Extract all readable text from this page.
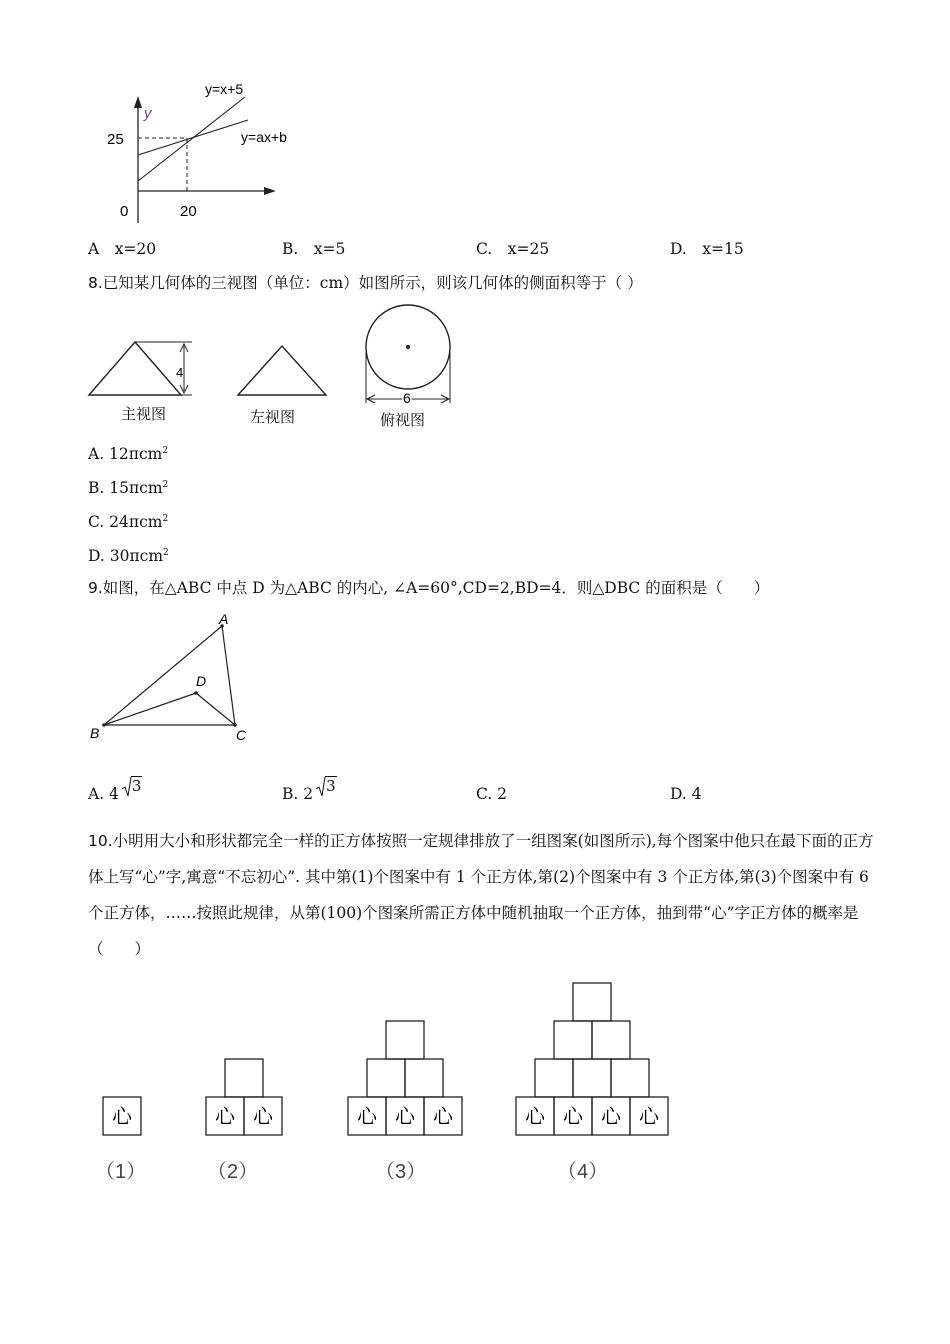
y
y=x+5
y=ax+b
25
20
0
A　x=20	B.　x=5	C.　x=25	D.　x=15
8.已知某几何体的三视图（单位：cm）如图所示，则该几何体的侧面积等于（ ）
4
6
主视图	左视图	俯视图
A. 12πcm$^2$
B. 15πcm$^2$
C. 24πcm$^2$
D. 30πcm$^2$
9.如图，在△ABC 中点 D 为△ABC 的内心, ∠A=60°,CD=2,BD=4．则△DBC 的面积是（　　）
A
B	C
D
A. 4 3	B. 2 3	C. 2	D. 4
10.小明用大小和形状都完全一样的正方体按照一定规律排放了一组图案(如图所示),每个图案中他只在最下面的正方体上写“心”字,寓意“不忘初心”. 其中第(1)个图案中有 1 个正方体,第(2)个图案中有 3 个正方体,第(3)个图案中有 6 个正方体，……按照此规律，从第(100)个图案所需正方体中随机抽取一个正方体，抽到带“心”字正方体的概率是（　　）
心	心 心	心 心 心	心 心 心 心
（1）	（2）	（3）	（4）
